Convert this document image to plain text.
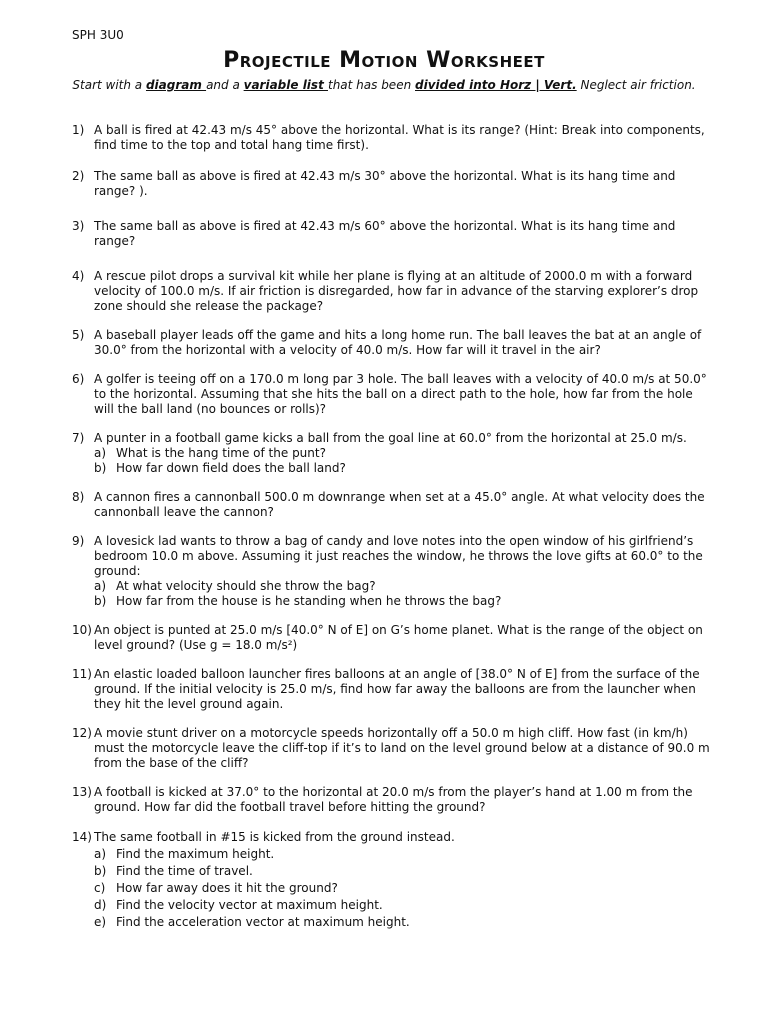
SPH 3U0
Projectile Motion Worksheet
Start with a diagram and a variable list that has been divided into Horz | Vert. Neglect air friction.
1) A ball is fired at 42.43 m/s 45° above the horizontal. What is its range? (Hint: Break into components, find time to the top and total hang time first).
2) The same ball as above is fired at 42.43 m/s 30° above the horizontal. What is its hang time and range? ).
3) The same ball as above is fired at 42.43 m/s 60° above the horizontal. What is its hang time and range?
4) A rescue pilot drops a survival kit while her plane is flying at an altitude of 2000.0 m with a forward velocity of 100.0 m/s. If air friction is disregarded, how far in advance of the starving explorer’s drop zone should she release the package?
5) A baseball player leads off the game and hits a long home run. The ball leaves the bat at an angle of 30.0° from the horizontal with a velocity of 40.0 m/s. How far will it travel in the air?
6) A golfer is teeing off on a 170.0 m long par 3 hole. The ball leaves with a velocity of 40.0 m/s at 50.0° to the horizontal. Assuming that she hits the ball on a direct path to the hole, how far from the hole will the ball land (no bounces or rolls)?
7) A punter in a football game kicks a ball from the goal line at 60.0° from the horizontal at 25.0 m/s.
a) What is the hang time of the punt?
b) How far down field does the ball land?
8) A cannon fires a cannonball 500.0 m downrange when set at a 45.0° angle. At what velocity does the cannonball leave the cannon?
9) A lovesick lad wants to throw a bag of candy and love notes into the open window of his girlfriend’s bedroom 10.0 m above. Assuming it just reaches the window, he throws the love gifts at 60.0° to the ground:
a) At what velocity should she throw the bag?
b) How far from the house is he standing when he throws the bag?
10) An object is punted at 25.0 m/s [40.0° N of E] on G’s home planet. What is the range of the object on level ground? (Use g = 18.0 m/s²)
11) An elastic loaded balloon launcher fires balloons at an angle of [38.0° N of E] from the surface of the ground. If the initial velocity is 25.0 m/s, find how far away the balloons are from the launcher when they hit the level ground again.
12) A movie stunt driver on a motorcycle speeds horizontally off a 50.0 m high cliff. How fast (in km/h) must the motorcycle leave the cliff-top if it’s to land on the level ground below at a distance of 90.0 m from the base of the cliff?
13) A football is kicked at 37.0° to the horizontal at 20.0 m/s from the player’s hand at 1.00 m from the ground. How far did the football travel before hitting the ground?
14) The same football in #15 is kicked from the ground instead.
a) Find the maximum height.
b) Find the time of travel.
c) How far away does it hit the ground?
d) Find the velocity vector at maximum height.
e) Find the acceleration vector at maximum height.
